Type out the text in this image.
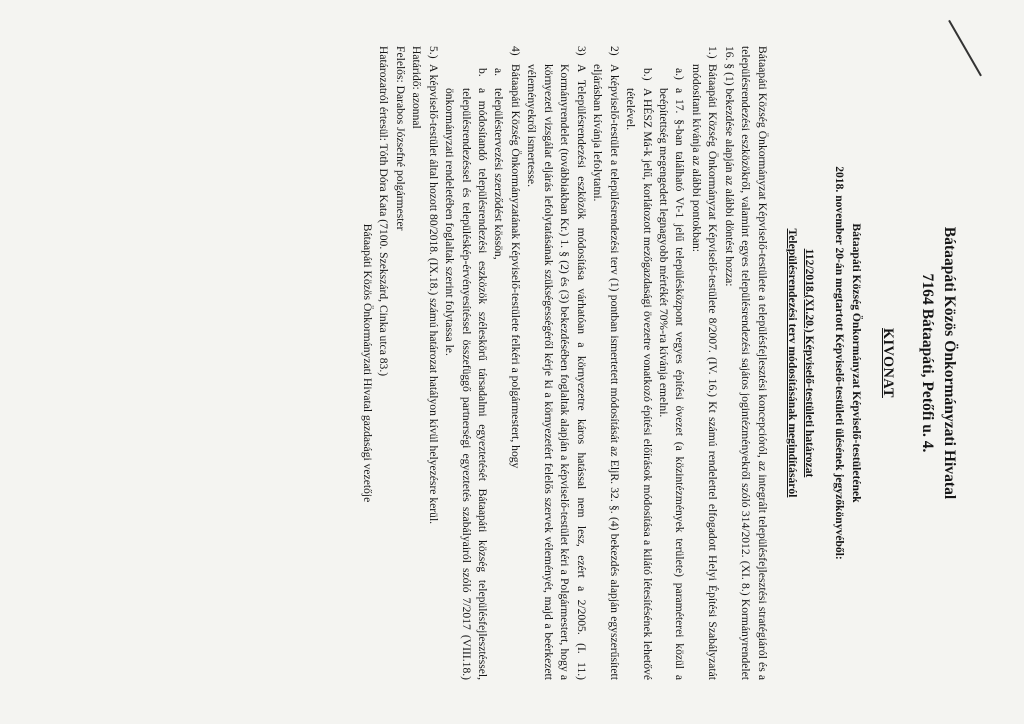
Bátaapáti Közös Önkormányzati Hivatal
7164 Bátaapáti, Petőfi u. 4.
KIVONAT
Bátaapáti Község Önkormányzat Képviselő-testületének
2018. november 20-án megtartott Képviselő-testületi ülésének jegyzőkönyvéből:
112/2018.(XI.20.) Képviselő-testületi határozat
Településrendezési terv módosításának megindításáról

Bátaapáti Község Önkormányzat Képviselő-testülete a településfejlesztési koncepcióról, az integrált településfejlesztési stratégiáról és a településrendezési eszközökről, valamint egyes településrendezési sajátos jogintézményekről szóló 314/2012. (XI. 8.) Kormányrendelet 16. § (1) bekezdése alapján az alábbi döntést hozza:

1.)
Bátaapáti Község Önkormányzat Képviselő-testülete 8/2007. (IV. 16.) Kt számú rendelettel elfogadott Helyi Építési Szabályzatát módosítani kívánja az alábbi pontokban:
a.)
a 17. §-ban található Vt-1 jelű településközpont vegyes építési övezet (a közintézmények területe) paraméterei közül a beépítettség megengedett legnagyobb mértékét 70%-ra kívánja emelni.
b.)
A HÉSZ Má-k jelű, korlátozott mezőgazdasági övezetre vonatkozó építési előírások módosítása a kilátó létesítésének lehetővé tételével.
2)
A képviselő-testület a településrendezési terv (1) pontban ismertetett módosítását az EljR. 32. §. (4) bekezdés alapján egyszerűsített eljárásban kívánja lefolytatni.
3)
A Településrendezési eszközök módosítása várhatóan a környezetre káros hatással nem lesz, ezért a 2/2005. (I. 11.) Kormányrendelet (továbbiakban Kr.) 1. § (2) és (3) bekezdésében foglaltak alapján a képviselő-testület kéri a Polgármestert, hogy a környezeti vizsgálat eljárás lefolytatásának szükségességéről kérje ki a környezetért felelős szervek véleményét, majd a beérkezett véleményekről ismertesse.
4)
Bátaapáti Község Önkormányzatának Képviselő-testülete felkéri a polgármestert, hogy
a.
településtervezési szerződést kössön,
b.
a módosítandó településrendezési eszközök széleskörű társadalmi egyeztetését Bátaapáti község településfejlesztéssel, településrendezéssel és településkép-érvényesítéssel összefüggő partnerségi egyeztetés szabályairól szóló 7/2017 (VIII.18.) önkormányzati rendeletében foglaltak szerint folytassa le.
5.)
A képviselő-testület által hozott 80/2018. (IX.18.) számú határozat hatályon kívül helyezésre kerül.

Határidő: azonnal

Felelős: Darabos Józsefné polgármester

Határozatról értesül: Tóth Dóra Kata (7100. Szekszárd, Cinka utca 83.)

Bátaapáti Közös Önkormányzati Hivatal gazdasági vezetője
